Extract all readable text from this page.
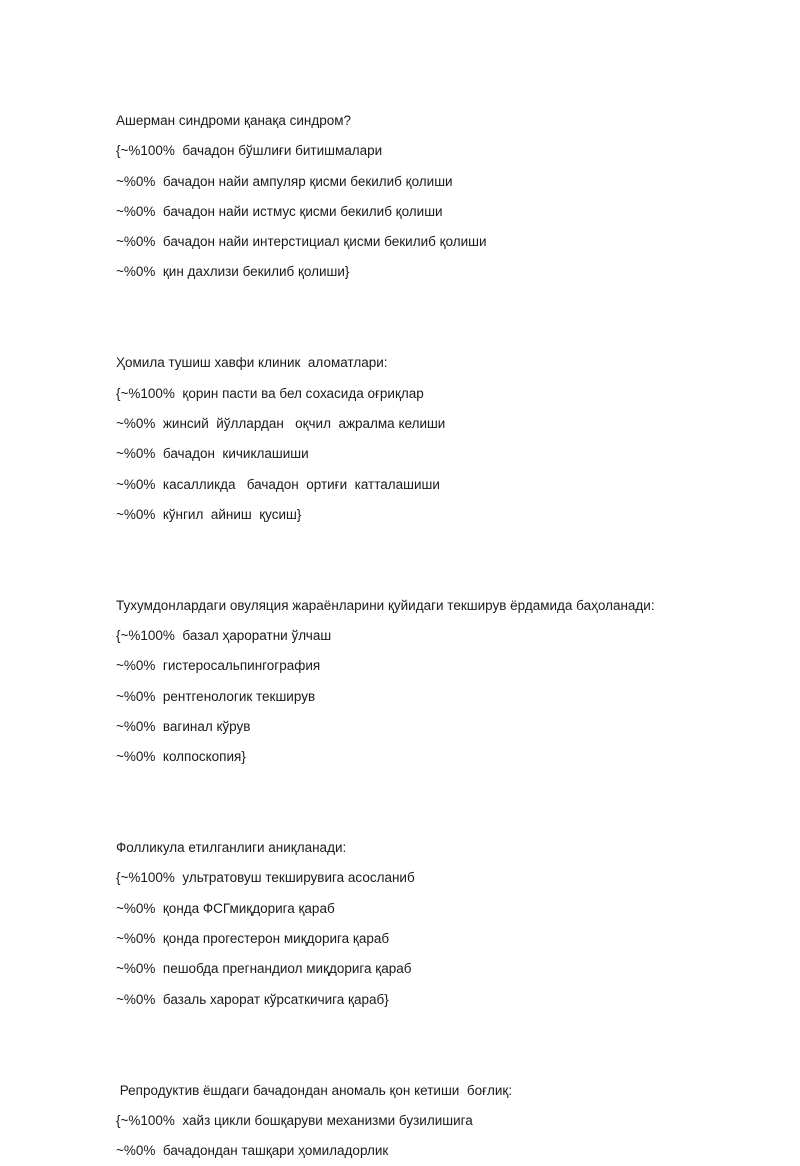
Ашерман синдроми қанақа синдром?
{~%100%  бачадон бўшлиғи битишмалари
~%0%  бачадон найи ампуляр қисми бекилиб қолиши
~%0%  бачадон найи истмус қисми бекилиб қолиши
~%0%  бачадон найи интерстициал қисми бекилиб қолиши
~%0%  қин дахлизи бекилиб қолиши}
Ҳомила тушиш хавфи клиник  аломатлари:
{~%100%  қорин пасти ва бел сохасида оғриқлар
~%0%  жинсий  йўллардан   оқчил  ажралма келиши
~%0%  бачадон  кичиклашиши
~%0%  касалликда   бачадон  ортиғи  катталашиши
~%0%  кўнгил  айниш  қусиш}
Тухумдонлардаги овуляция жараёнларини қуйидаги текширув ёрдамида баҳоланади:
{~%100%  базал ҳароратни ўлчаш
~%0%  гистеросальпингография
~%0%  рентгенологик текширув
~%0%  вагинал кўрув
~%0%  колпоскопия}
Фолликула етилганлиги аниқланади:
{~%100%  ультратовуш текширувига асосланиб
~%0%  қонда ФСГмиқдорига қараб
~%0%  қонда прогестерон миқдорига қараб
~%0%  пешобда прегнандиол миқдорига қараб
~%0%  базаль харорат кўрсаткичига қараб}
Репродуктив ёшдаги бачадондан аномаль қон кетиши  боғлиқ:
{~%100%  хайз цикли бошқаруви механизми бузилишига
~%0%  бачадондан ташқари ҳомиладорлик
